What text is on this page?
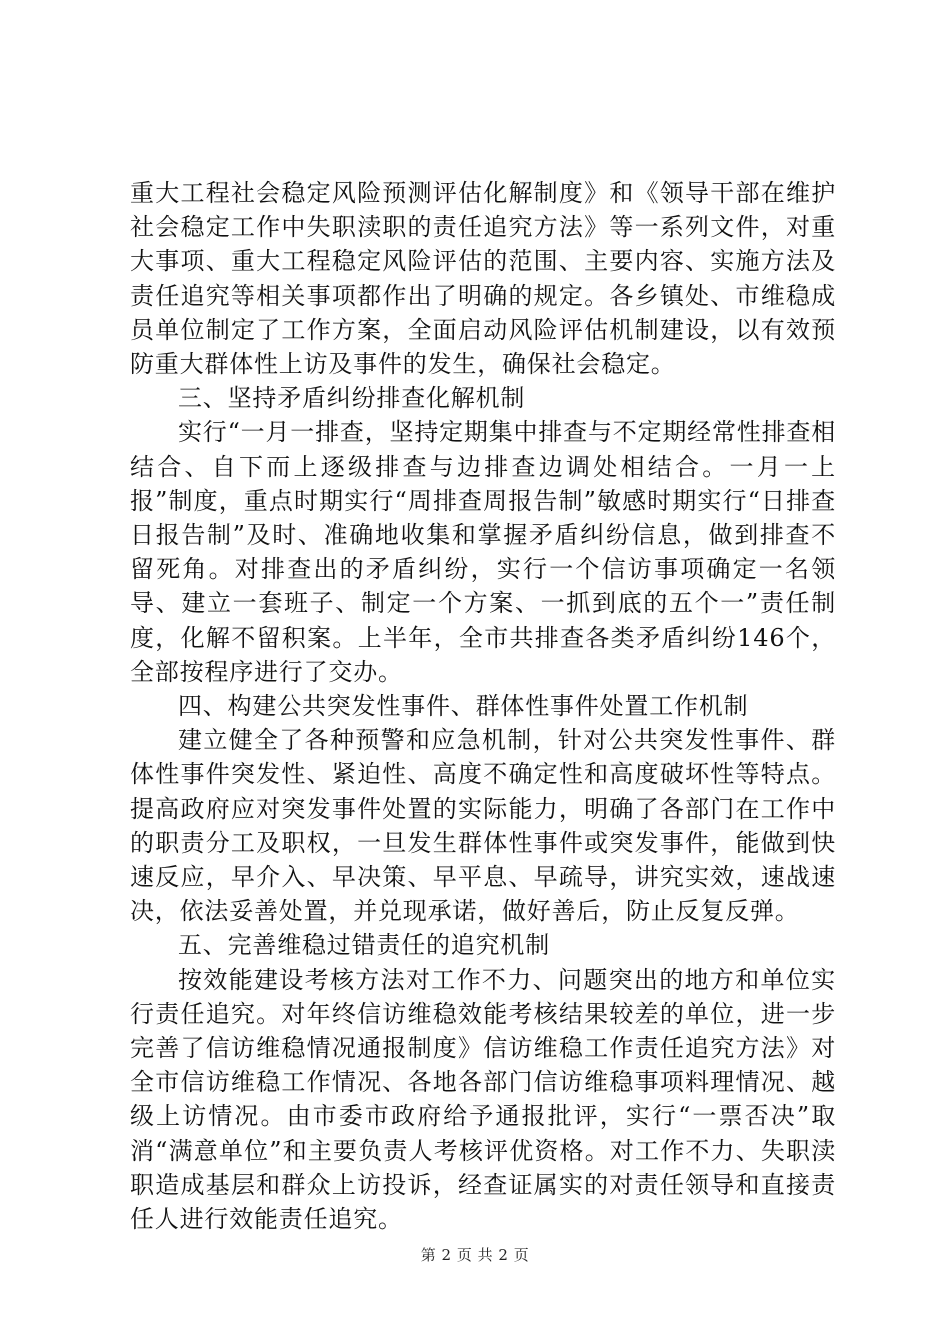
重大工程社会稳定风险预测评估化解制度》和《领导干部在维护社会稳定工作中失职渎职的责任追究方法》等一系列文件，对重大事项、重大工程稳定风险评估的范围、主要内容、实施方法及责任追究等相关事项都作出了明确的规定。各乡镇处、市维稳成员单位制定了工作方案，全面启动风险评估机制建设，以有效预防重大群体性上访及事件的发生，确保社会稳定。

三、坚持矛盾纠纷排查化解机制

实行“一月一排查，坚持定期集中排查与不定期经常性排查相结合、自下而上逐级排查与边排查边调处相结合。一月一上报”制度，重点时期实行“周排查周报告制”敏感时期实行“日排查日报告制”及时、准确地收集和掌握矛盾纠纷信息，做到排查不留死角。对排查出的矛盾纠纷，实行一个信访事项确定一名领导、建立一套班子、制定一个方案、一抓到底的五个一”责任制度，化解不留积案。上半年，全市共排查各类矛盾纠纷146个，全部按程序进行了交办。

四、构建公共突发性事件、群体性事件处置工作机制

建立健全了各种预警和应急机制，针对公共突发性事件、群体性事件突发性、紧迫性、高度不确定性和高度破坏性等特点。提高政府应对突发事件处置的实际能力，明确了各部门在工作中的职责分工及职权，一旦发生群体性事件或突发事件，能做到快速反应，早介入、早决策、早平息、早疏导，讲究实效，速战速决，依法妥善处置，并兑现承诺，做好善后，防止反复反弹。

五、完善维稳过错责任的追究机制

按效能建设考核方法对工作不力、问题突出的地方和单位实行责任追究。对年终信访维稳效能考核结果较差的单位，进一步完善了信访维稳情况通报制度》信访维稳工作责任追究方法》对全市信访维稳工作情况、各地各部门信访维稳事项料理情况、越级上访情况。由市委市政府给予通报批评，实行“一票否决”取消“满意单位”和主要负责人考核评优资格。对工作不力、失职渎职造成基层和群众上访投诉，经查证属实的对责任领导和直接责任人进行效能责任追究。

第 2 页 共 2 页
